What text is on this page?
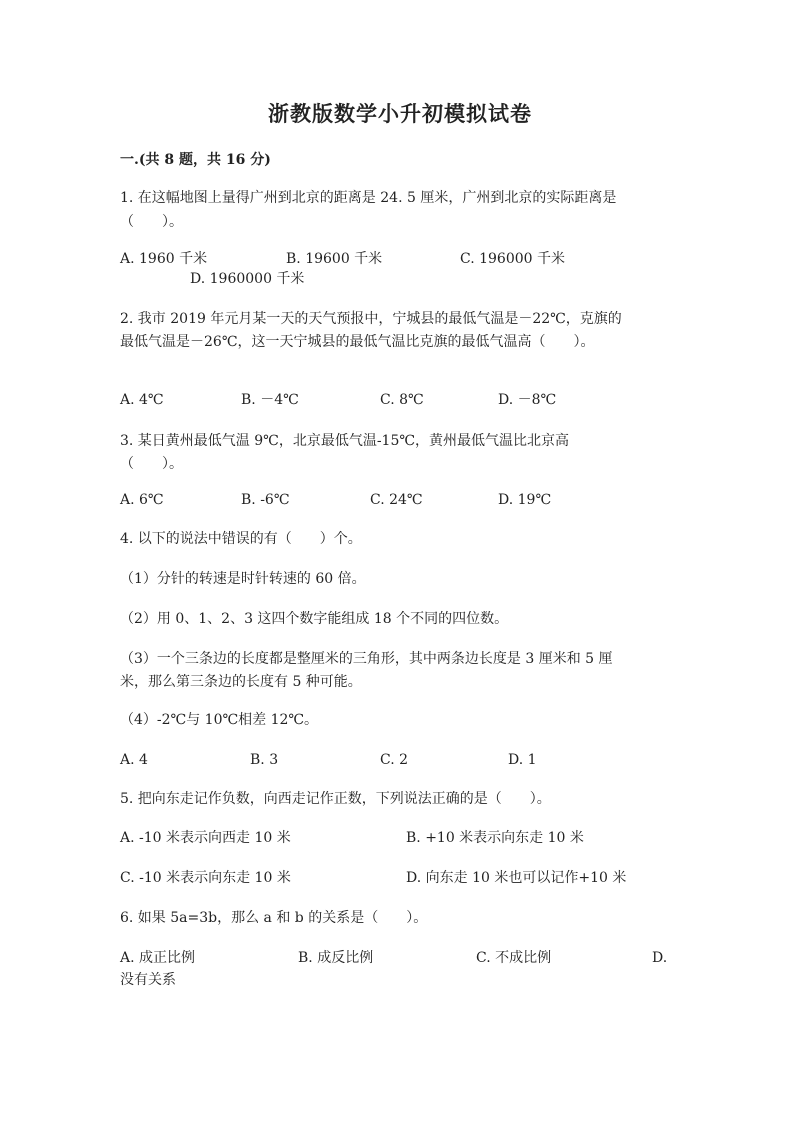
浙教版数学小升初模拟试卷
一.(共 8 题，共 16 分)
1. 在这幅地图上量得广州到北京的距离是 24. 5 厘米，广州到北京的实际距离是
（　　）。
A. 1960 千米	B. 19600 千米	C. 196000 千米
D. 1960000 千米
2. 我市 2019 年元月某一天的天气预报中，宁城县的最低气温是－22℃，克旗的
最低气温是－26℃，这一天宁城县的最低气温比克旗的最低气温高（　　）。
A. 4℃	B. －4℃	C. 8℃	D. －8℃
3. 某日黄州最低气温 9℃，北京最低气温-15℃，黄州最低气温比北京高
（　　）。
A. 6℃	B. -6℃	C. 24℃	D. 19℃
4. 以下的说法中错误的有（　　）个。
（1）分针的转速是时针转速的 60 倍。
（2）用 0、1、2、3 这四个数字能组成 18 个不同的四位数。
（3）一个三条边的长度都是整厘米的三角形，其中两条边长度是 3 厘米和 5 厘
米，那么第三条边的长度有 5 种可能。
（4）-2℃与 10℃相差 12℃。
A. 4	B. 3	C. 2	D. 1
5. 把向东走记作负数，向西走记作正数，下列说法正确的是（　　）。
A. -10 米表示向西走 10 米	B. +10 米表示向东走 10 米
C. -10 米表示向东走 10 米	D. 向东走 10 米也可以记作+10 米
6. 如果 5a=3b，那么 a 和 b 的关系是（　　）。
A. 成正比例	B. 成反比例	C. 不成比例	D.
没有关系
